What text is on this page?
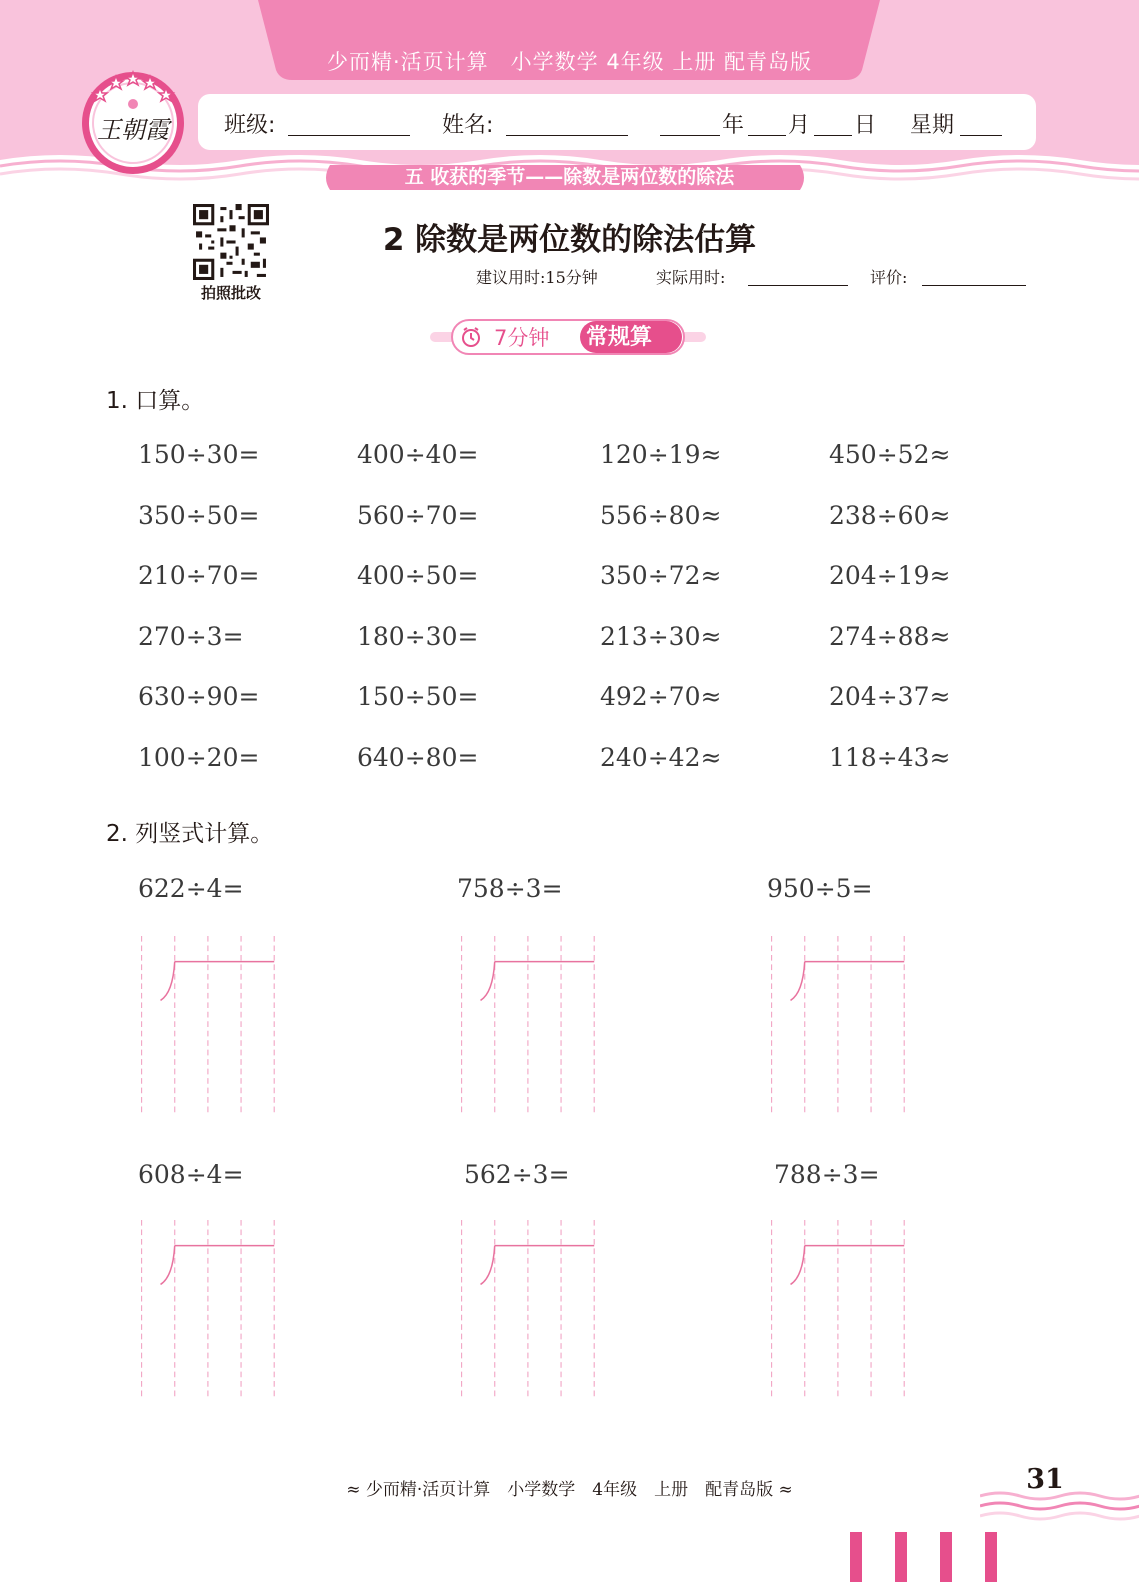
少而精·活页计算　小学数学 4年级 上册 配青岛版
班级:	姓名:	年 月 日 星期
王朝霞
五 收获的季节——除数是两位数的除法
拍照批改
2 除数是两位数的除法估算
建议用时:15分钟	实际用时:	评价:
7分钟 常规算
1. 口算。
150÷30=	400÷40=	120÷19≈	450÷52≈
350÷50=	560÷70=	556÷80≈	238÷60≈
210÷70=	400÷50=	350÷72≈	204÷19≈
270÷3=	180÷30=	213÷30≈	274÷88≈
630÷90=	150÷50=	492÷70≈	204÷37≈
100÷20=	640÷80=	240÷42≈	118÷43≈
2. 列竖式计算。
622÷4=	758÷3=	950÷5=
608÷4=	562÷3=	788÷3=
≈ 少而精·活页计算　小学数学　4年级　上册　配青岛版 ≈	31
